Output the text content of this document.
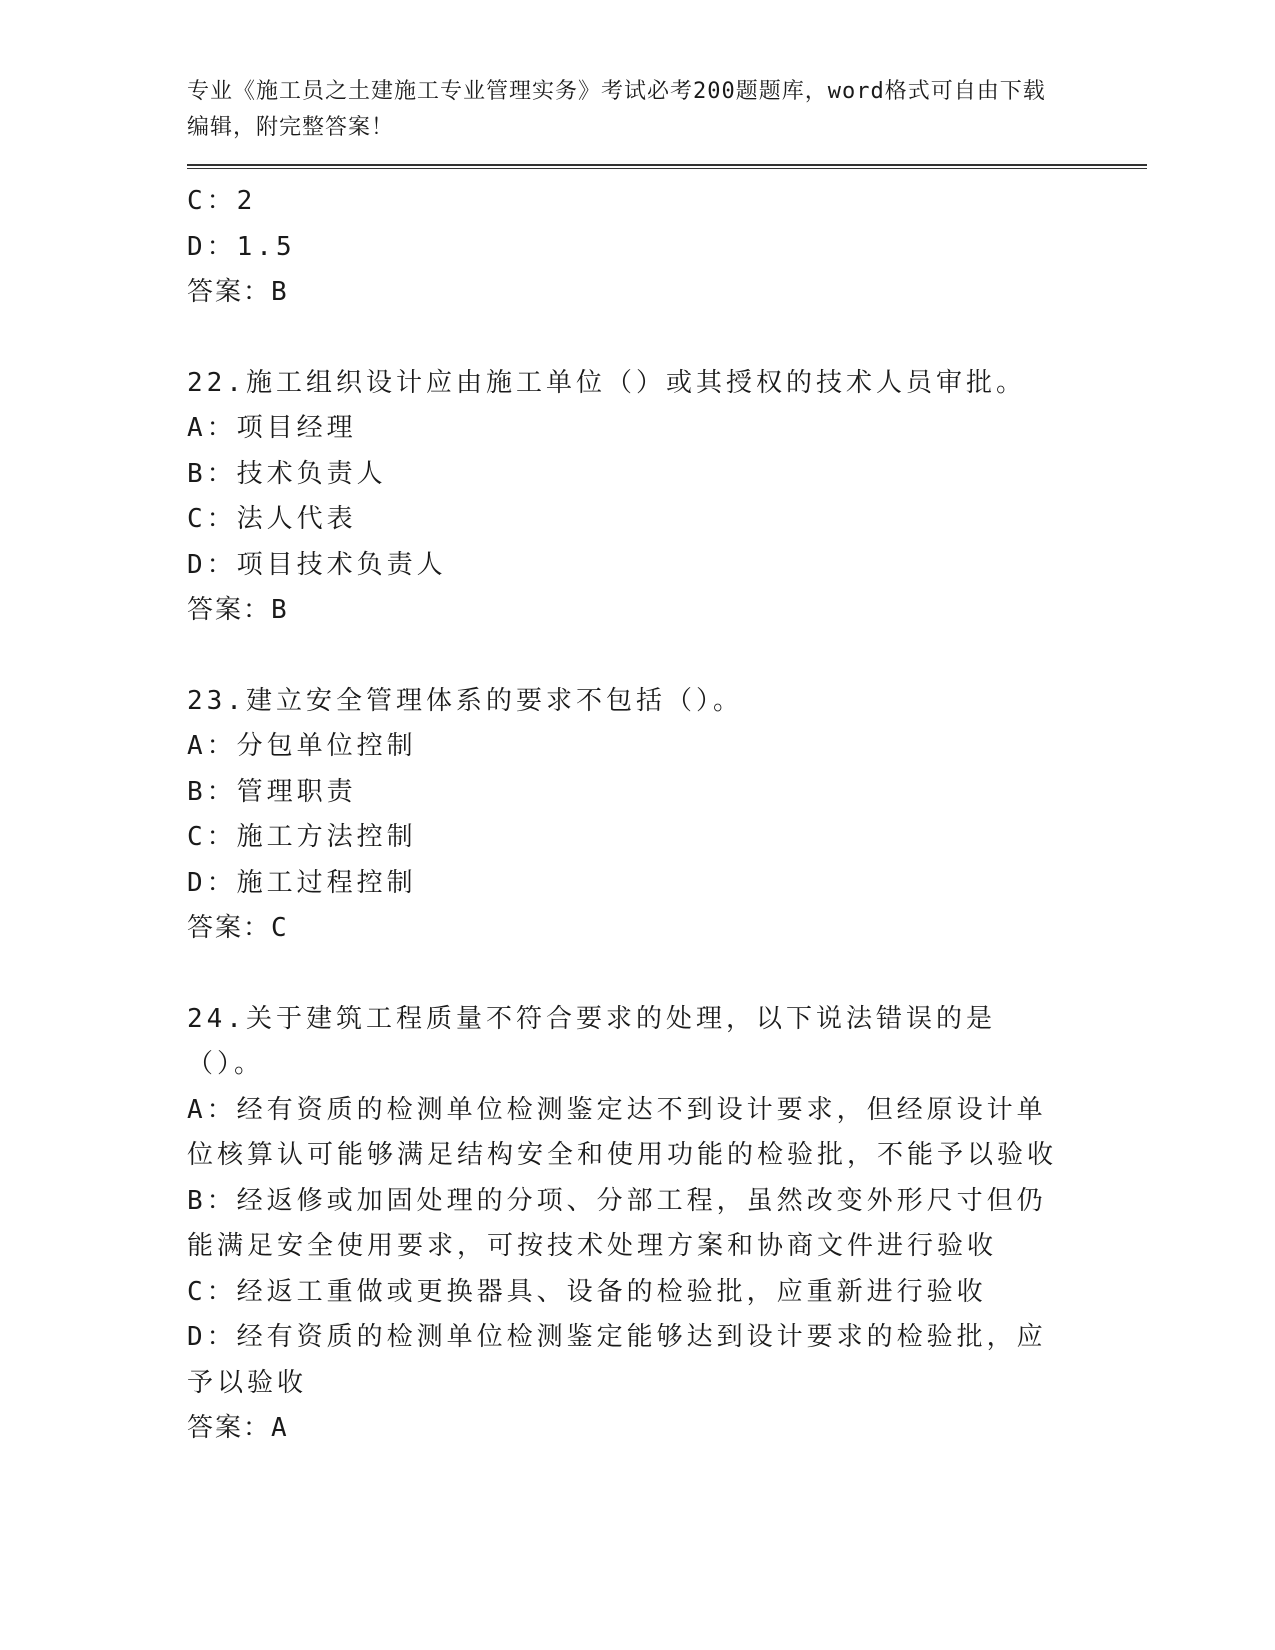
专业《施工员之土建施工专业管理实务》考试必考200题题库，word格式可自由下载编辑，附完整答案！
C：2
D：1.5
答案：B
22.施工组织设计应由施工单位（）或其授权的技术人员审批。
A：项目经理
B：技术负责人
C：法人代表
D：项目技术负责人
答案：B
23.建立安全管理体系的要求不包括（）。
A：分包单位控制
B：管理职责
C：施工方法控制
D：施工过程控制
答案：C
24.关于建筑工程质量不符合要求的处理，以下说法错误的是（）。
A：经有资质的检测单位检测鉴定达不到设计要求，但经原设计单位核算认可能够满足结构安全和使用功能的检验批，不能予以验收
B：经返修或加固处理的分项、分部工程，虽然改变外形尺寸但仍能满足安全使用要求，可按技术处理方案和协商文件进行验收
C：经返工重做或更换器具、设备的检验批，应重新进行验收
D：经有资质的检测单位检测鉴定能够达到设计要求的检验批，应予以验收
答案：A
